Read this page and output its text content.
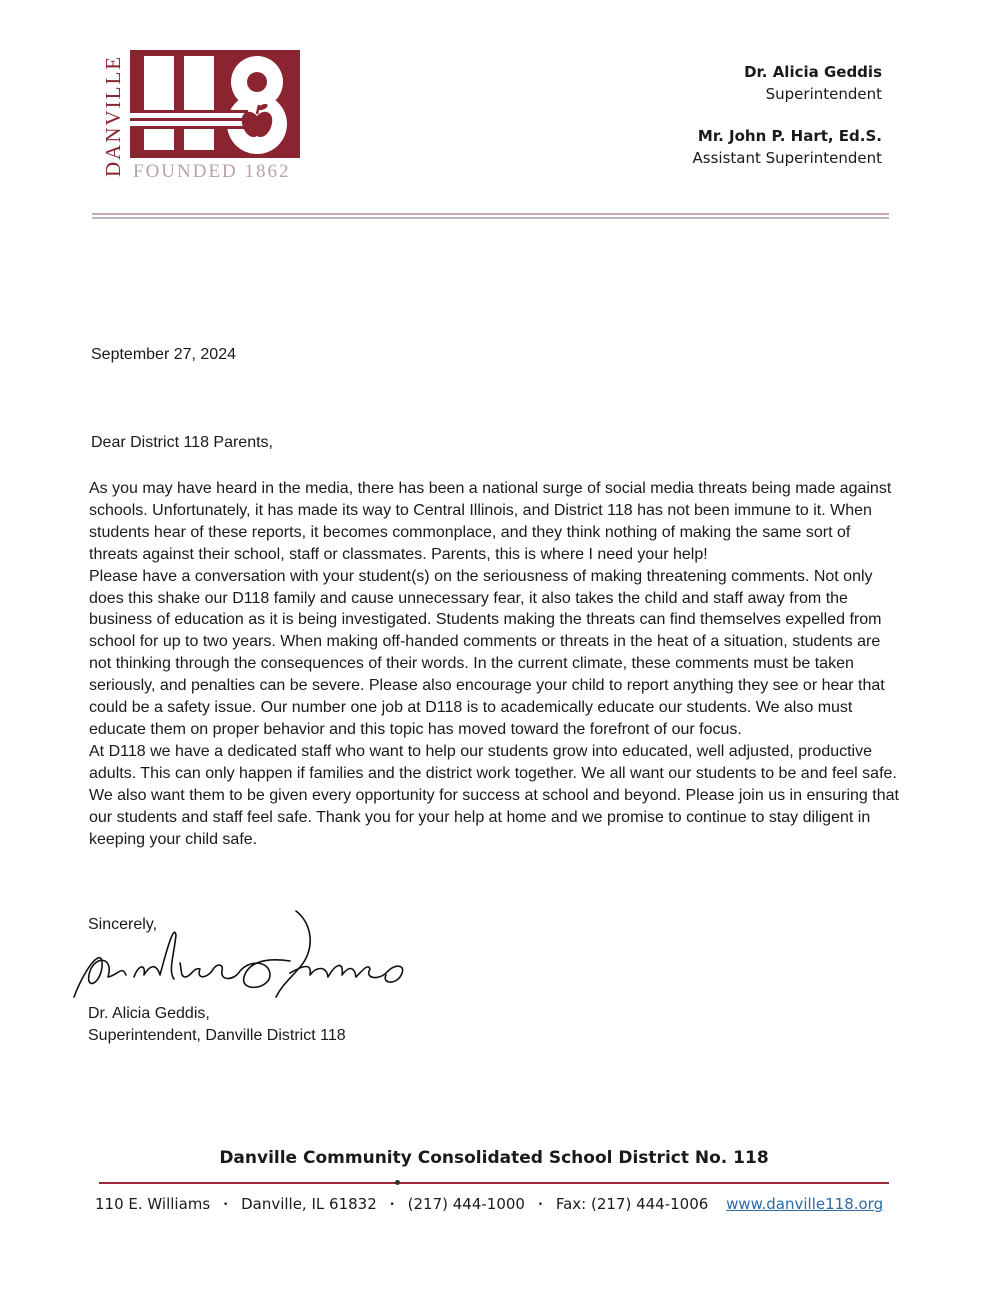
DANVILLE FOUNDED 1862
Dr. Alicia Geddis
Superintendent
Mr. John P. Hart, Ed.S.
Assistant Superintendent
September 27, 2024
Dear District 118 Parents,

As you may have heard in the media, there has been a national surge of social media threats being made against schools. Unfortunately, it has made its way to Central Illinois, and District 118 has not been immune to it. When students hear of these reports, it becomes commonplace, and they think nothing of making the same sort of threats against their school, staff or classmates. Parents, this is where I need your help!

Please have a conversation with your student(s) on the seriousness of making threatening comments. Not only does this shake our D118 family and cause unnecessary fear, it also takes the child and staff away from the business of education as it is being investigated. Students making the threats can find themselves expelled from school for up to two years. When making off-handed comments or threats in the heat of a situation, students are not thinking through the consequences of their words. In the current climate, these comments must be taken seriously, and penalties can be severe. Please also encourage your child to report anything they see or hear that could be a safety issue. Our number one job at D118 is to academically educate our students. We also must educate them on proper behavior and this topic has moved toward the forefront of our focus.

At D118 we have a dedicated staff who want to help our students grow into educated, well adjusted, productive adults. This can only happen if families and the district work together. We all want our students to be and feel safe. We also want them to be given every opportunity for success at school and beyond. Please join us in ensuring that our students and staff feel safe. Thank you for your help at home and we promise to continue to stay diligent in keeping your child safe.

Sincerely,
Dr. Alicia Geddis,
Superintendent, Danville District 118
Danville Community Consolidated School District No. 118
110 E. Williams • Danville, IL 61832 • (217) 444-1000 • Fax: (217) 444-1006 www.danville118.org
